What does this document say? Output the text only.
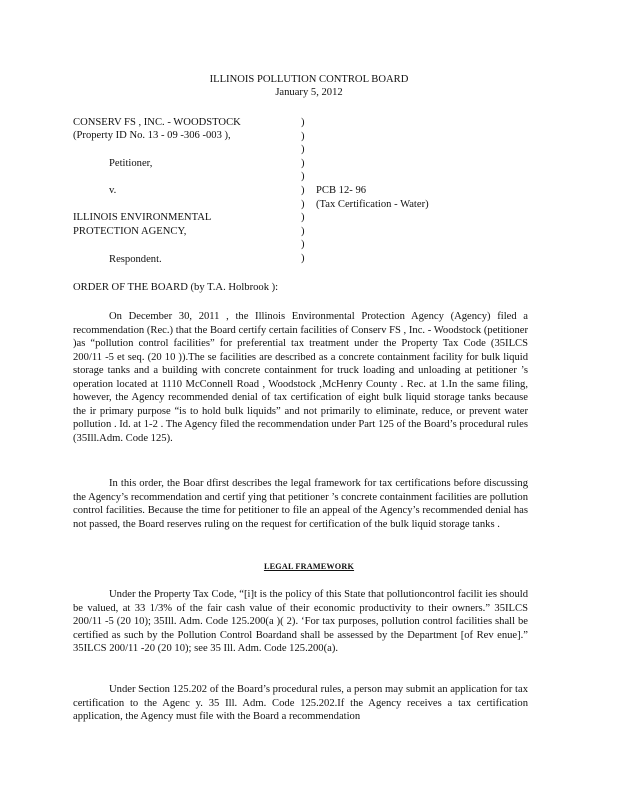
ILLINOIS POLLUTION CONTROL BOARD
January 5, 2012
CONSERV FS , INC. - WOODSTOCK
(Property ID No. 13 - 09 -306 -003 ),
Petitioner,
v.
ILLINOIS ENVIRONMENTAL
PROTECTION AGENCY,
Respondent.
)
)
)
)
)
)
)
)
)
)
)
PCB 12- 96
(Tax Certification - Water)
ORDER OF THE BOARD (by T.A. Holbrook ):
On December 30, 2011 , the Illinois Environmental Protection Agency (Agency) filed a recommendation (Rec.) that the Board certify certain facilities of Conserv FS , Inc. - Woodstock (petitioner )as “pollution control facilities” for preferential tax treatment under the Property Tax Code (35ILCS 200/11 -5 et seq. (20 10 )).The se facilities are described as a concrete containment facility for bulk liquid storage tanks and a building with concrete containment for truck loading and unloading at petitioner ’s operation located at 1110 McConnell Road , Woodstock ,McHenry County . Rec. at 1.In the same filing, however, the Agency recommended denial of tax certification of eight bulk liquid storage tanks because the ir primary purpose “is to hold bulk liquids” and not primarily to eliminate, reduce, or prevent water pollution . Id. at 1-2 . The Agency filed the recommendation under Part 125 of the Board’s procedural rules (35Ill.Adm. Code 125).
In this order, the Boar dfirst describes the legal framework for tax certifications before discussing the Agency’s recommendation and certif ying that petitioner ’s concrete containment facilities are pollution control facilities. Because the time for petitioner to file an appeal of the Agency’s recommended denial has not passed, the Board reserves ruling on the request for certification of the bulk liquid storage tanks .
LEGAL FRAMEWORK
Under the Property Tax Code, “[i]t is the policy of this State that pollutioncontrol facilit ies should be valued, at 33 1/3% of the fair cash value of their economic productivity to their owners.” 35ILCS 200/11 -5 (20 10); 35Ill. Adm. Code 125.200(a )( 2). ‘For tax purposes, pollution control facilities shall be certified as such by the Pollution Control Boardand shall be assessed by the Department [of Rev enue].” 35ILCS 200/11 -20 (20 10); see 35 Ill. Adm. Code 125.200(a).
Under Section 125.202 of the Board’s procedural rules, a person may submit an application for tax certification to the Agenc y. 35 Ill. Adm. Code 125.202.If the Agency receives a tax certification application, the Agency must file with the Board a recommendation
